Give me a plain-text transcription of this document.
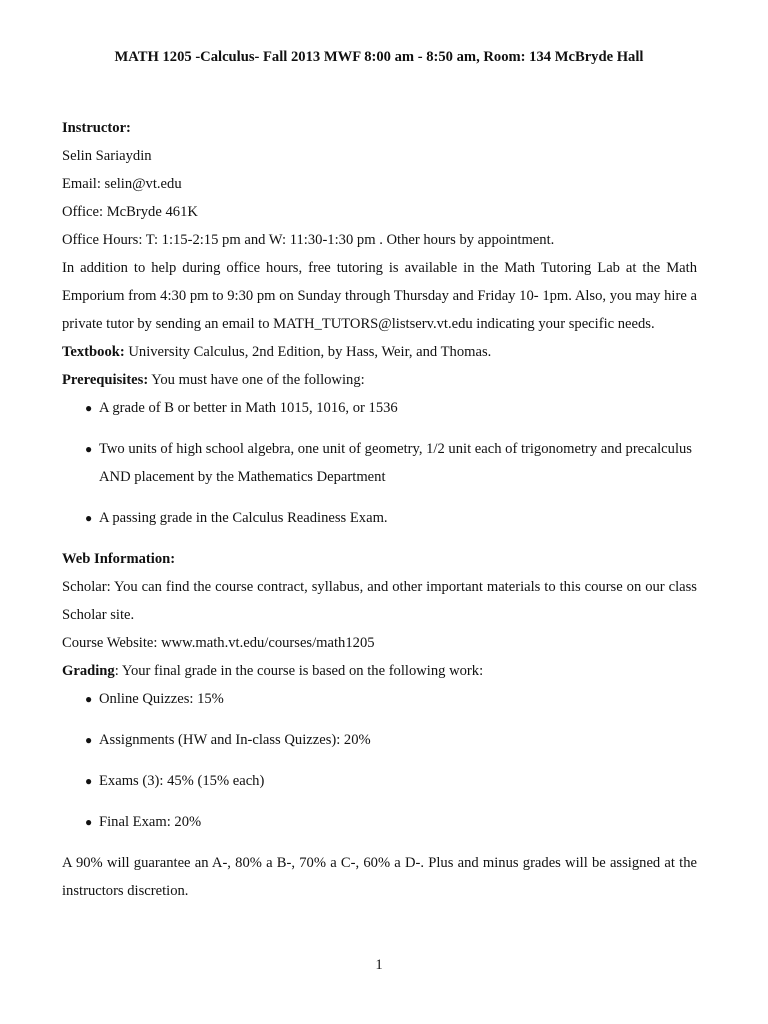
MATH 1205 -Calculus- Fall 2013 MWF 8:00 am - 8:50 am, Room: 134 McBryde Hall
Instructor:
Selin Sariaydin
Email: selin@vt.edu
Office: McBryde 461K
Office Hours: T: 1:15-2:15 pm and W: 11:30-1:30 pm . Other hours by appointment.
In addition to help during office hours, free tutoring is available in the Math Tutoring Lab at the Math Emporium from 4:30 pm to 9:30 pm on Sunday through Thursday and Friday 10- 1pm. Also, you may hire a private tutor by sending an email to MATH_TUTORS@listserv.vt.edu indicating your specific needs.
Textbook: University Calculus, 2nd Edition, by Hass, Weir, and Thomas.
Prerequisites: You must have one of the following:
● A grade of B or better in Math 1015, 1016, or 1536
● Two units of high school algebra, one unit of geometry, 1/2 unit each of trigonometry and precalculus AND placement by the Mathematics Department
● A passing grade in the Calculus Readiness Exam.
Web Information:
Scholar: You can find the course contract, syllabus, and other important materials to this course on our class Scholar site.
Course Website: www.math.vt.edu/courses/math1205
Grading: Your final grade in the course is based on the following work:
● Online Quizzes: 15%
● Assignments (HW and In-class Quizzes): 20%
● Exams (3): 45% (15% each)
● Final Exam: 20%
A 90% will guarantee an A-, 80% a B-, 70% a C-, 60% a D-. Plus and minus grades will be assigned at the instructors discretion.
1
